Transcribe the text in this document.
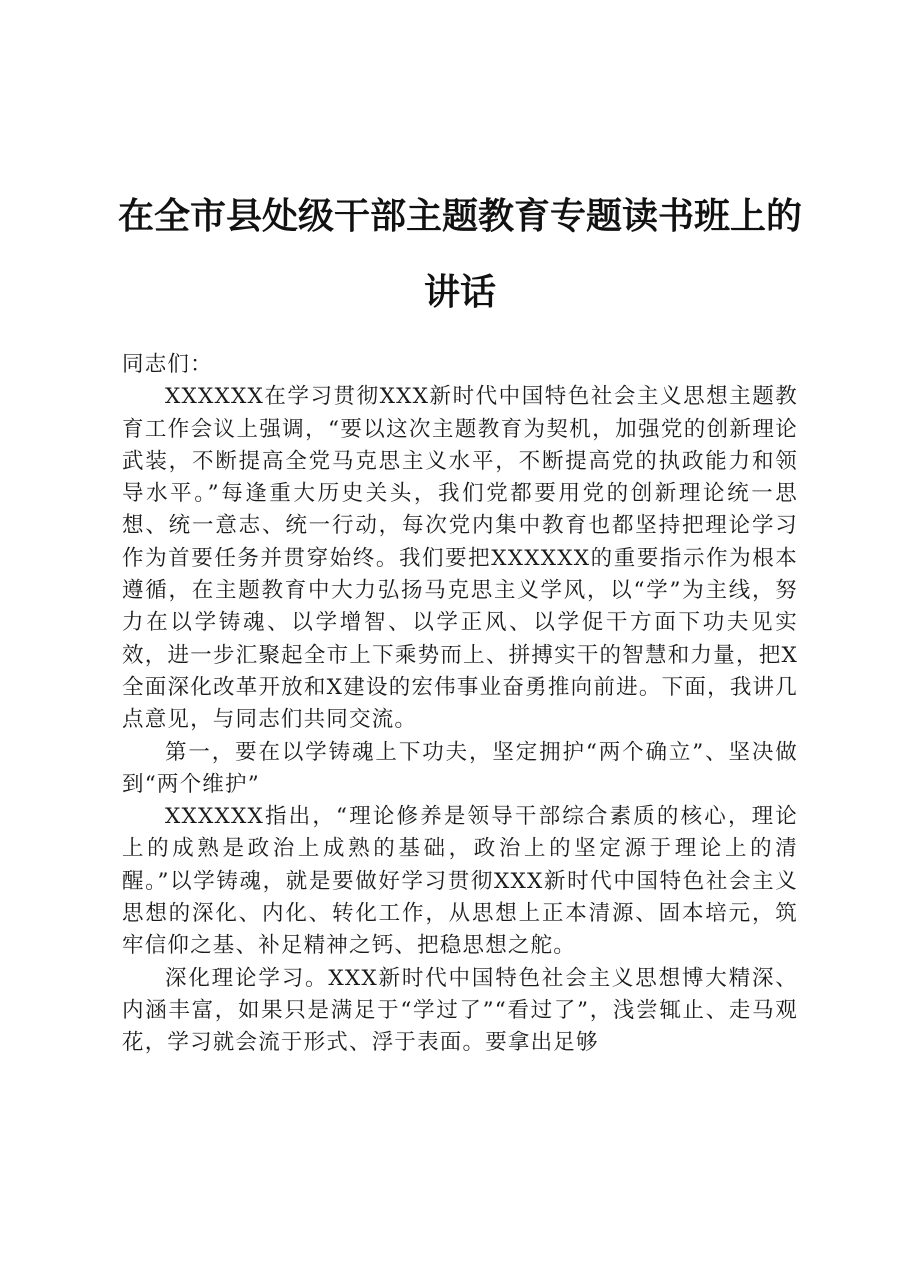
在全市县处级干部主题教育专题读书班上的讲话

同志们：

XXXXXX在学习贯彻XXX新时代中国特色社会主义思想主题教育工作会议上强调，“要以这次主题教育为契机，加强党的创新理论武装，不断提高全党马克思主义水平，不断提高党的执政能力和领导水平。”每逢重大历史关头，我们党都要用党的创新理论统一思想、统一意志、统一行动，每次党内集中教育也都坚持把理论学习作为首要任务并贯穿始终。我们要把XXXXXX的重要指示作为根本遵循，在主题教育中大力弘扬马克思主义学风，以“学”为主线，努力在以学铸魂、以学增智、以学正风、以学促干方面下功夫见实效，进一步汇聚起全市上下乘势而上、拼搏实干的智慧和力量，把X全面深化改革开放和X建设的宏伟事业奋勇推向前进。下面，我讲几点意见，与同志们共同交流。

第一，要在以学铸魂上下功夫，坚定拥护“两个确立”、坚决做到“两个维护”

XXXXXX指出，“理论修养是领导干部综合素质的核心，理论上的成熟是政治上成熟的基础，政治上的坚定源于理论上的清醒。”以学铸魂，就是要做好学习贯彻XXX新时代中国特色社会主义思想的深化、内化、转化工作，从思想上正本清源、固本培元，筑牢信仰之基、补足精神之钙、把稳思想之舵。

深化理论学习。XXX新时代中国特色社会主义思想博大精深、内涵丰富，如果只是满足于“学过了”“看过了”，浅尝辄止、走马观花，学习就会流于形式、浮于表面。要拿出足够
